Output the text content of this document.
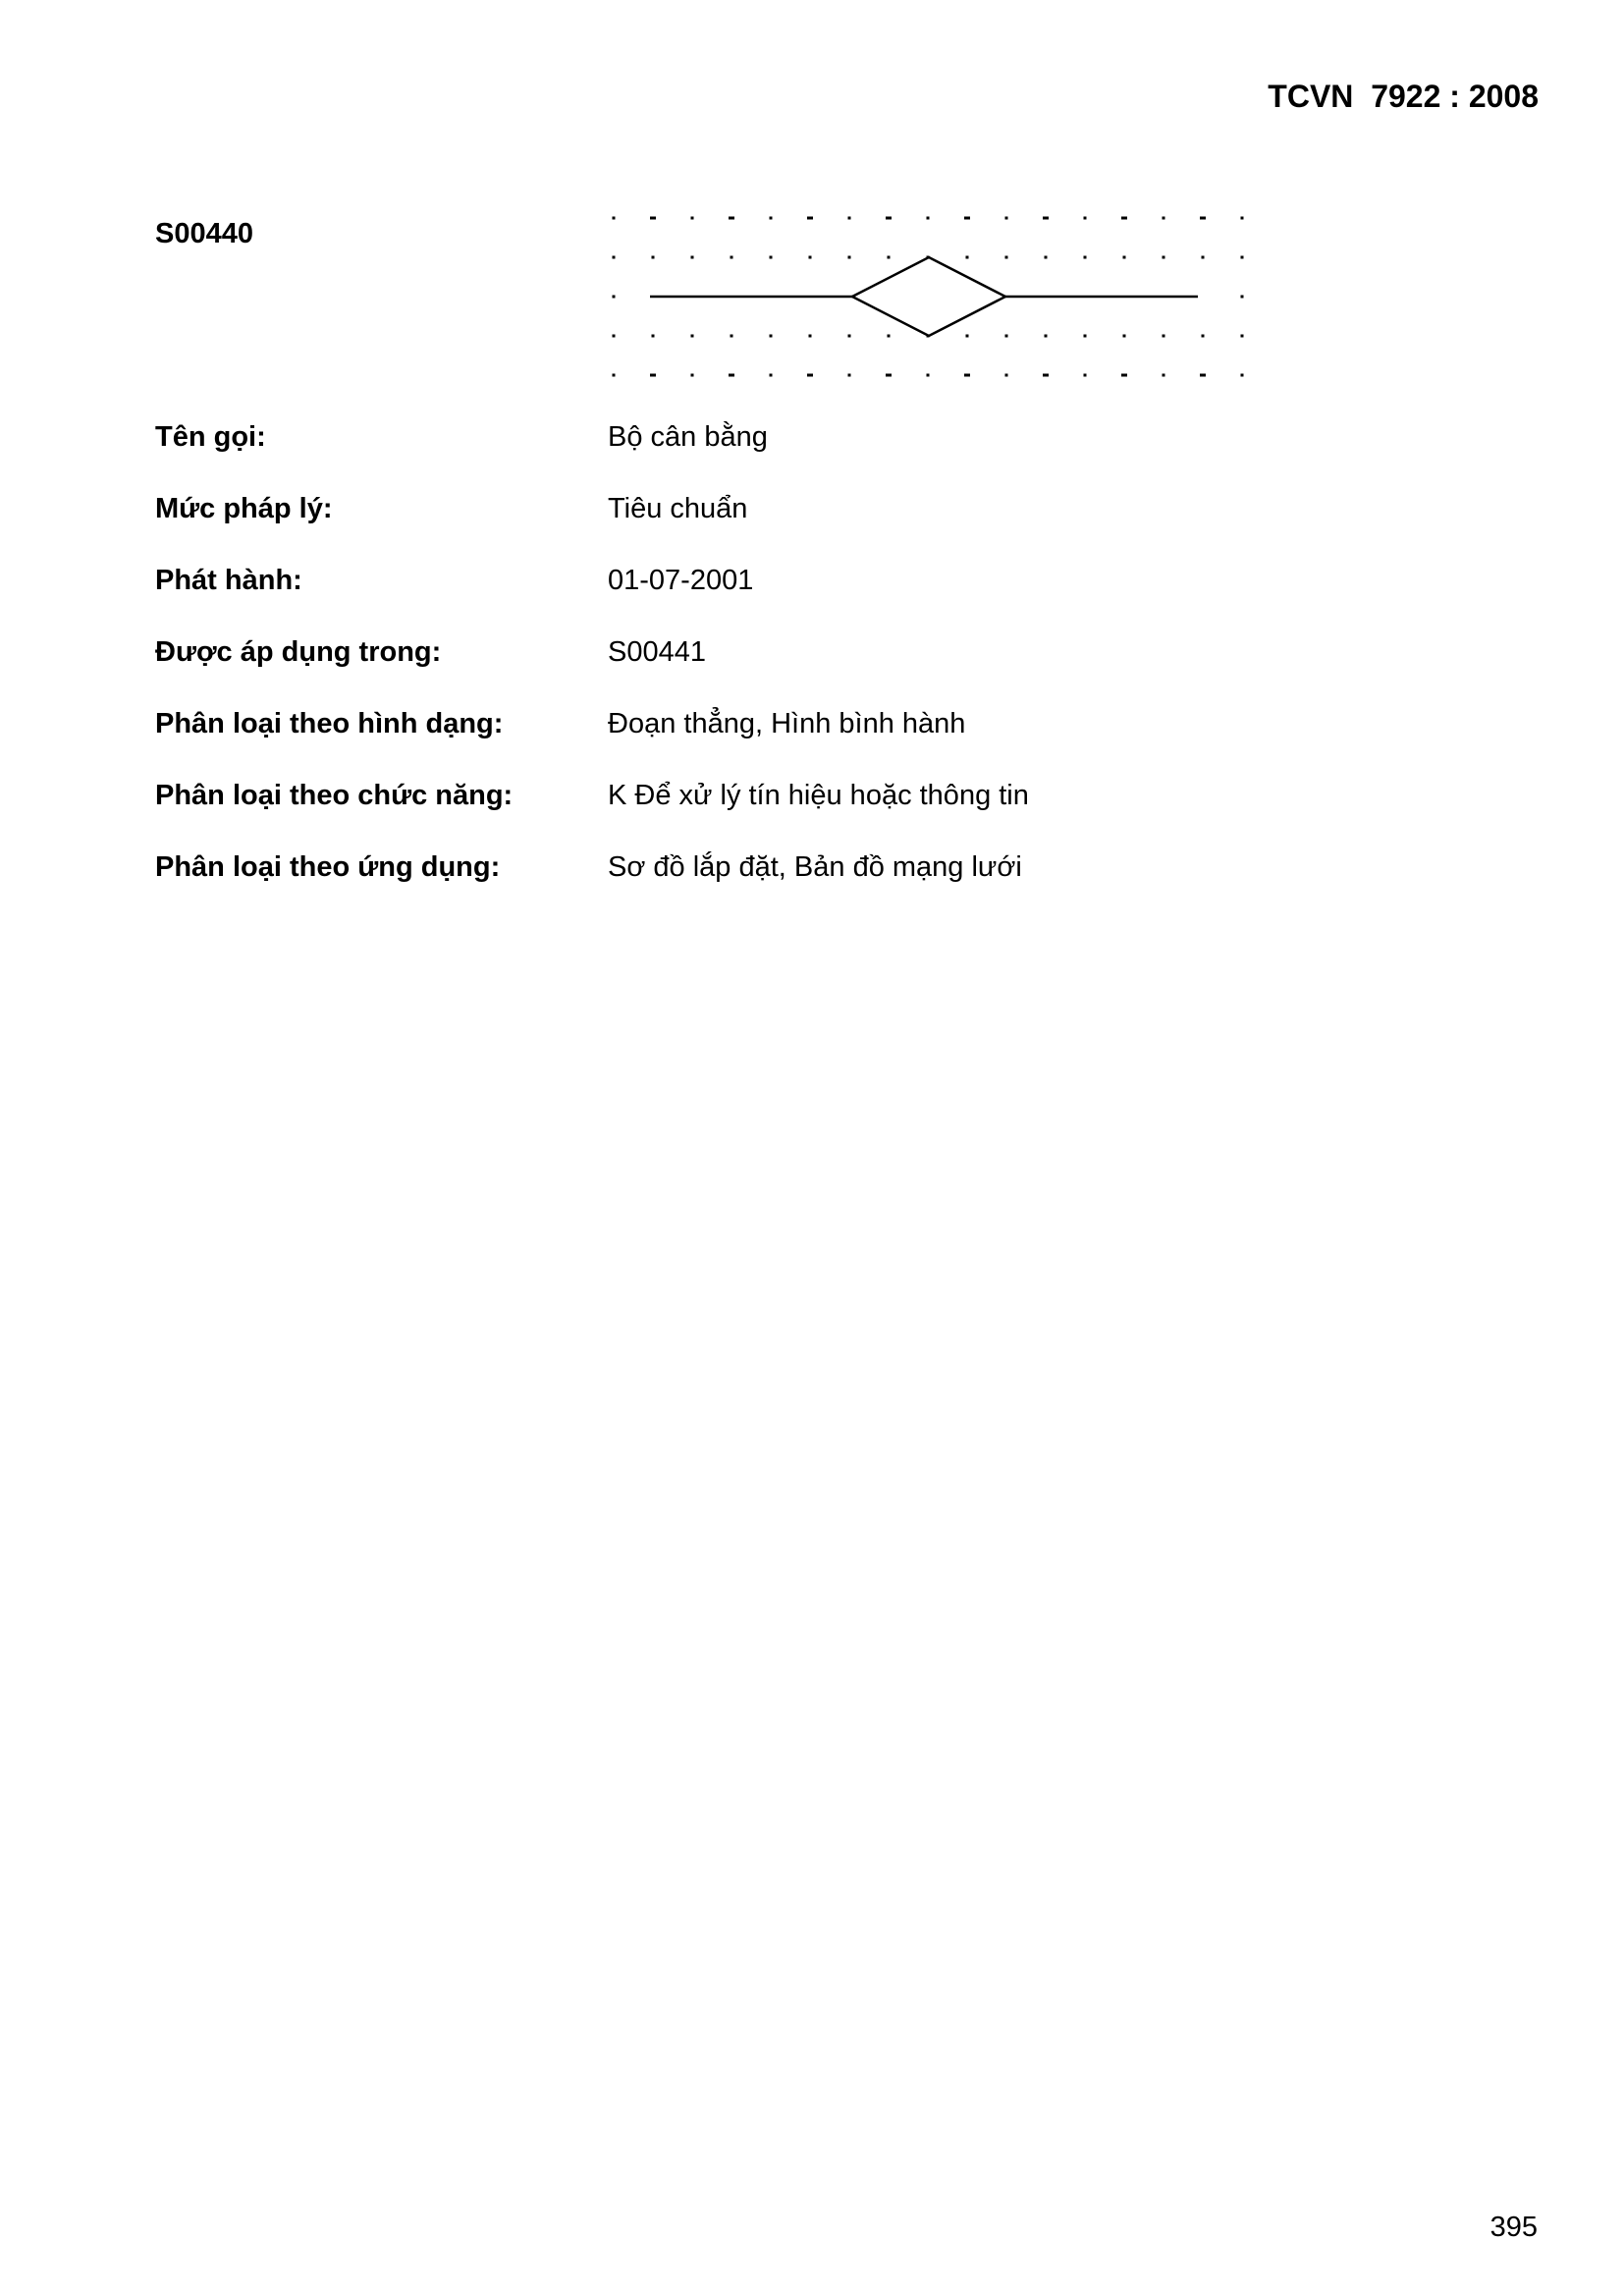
TCVN  7922 : 2008
S00440
Tên gọi:	Bộ cân bằng
Mức pháp lý:	Tiêu chuẩn
Phát hành:	01-07-2001
Được áp dụng trong:	S00441
Phân loại theo hình dạng:	Đoạn thẳng, Hình bình hành
Phân loại theo chức năng:	K Để xử lý tín hiệu hoặc thông tin
Phân loại theo ứng dụng:	Sơ đồ lắp đặt, Bản đồ mạng lưới
395
